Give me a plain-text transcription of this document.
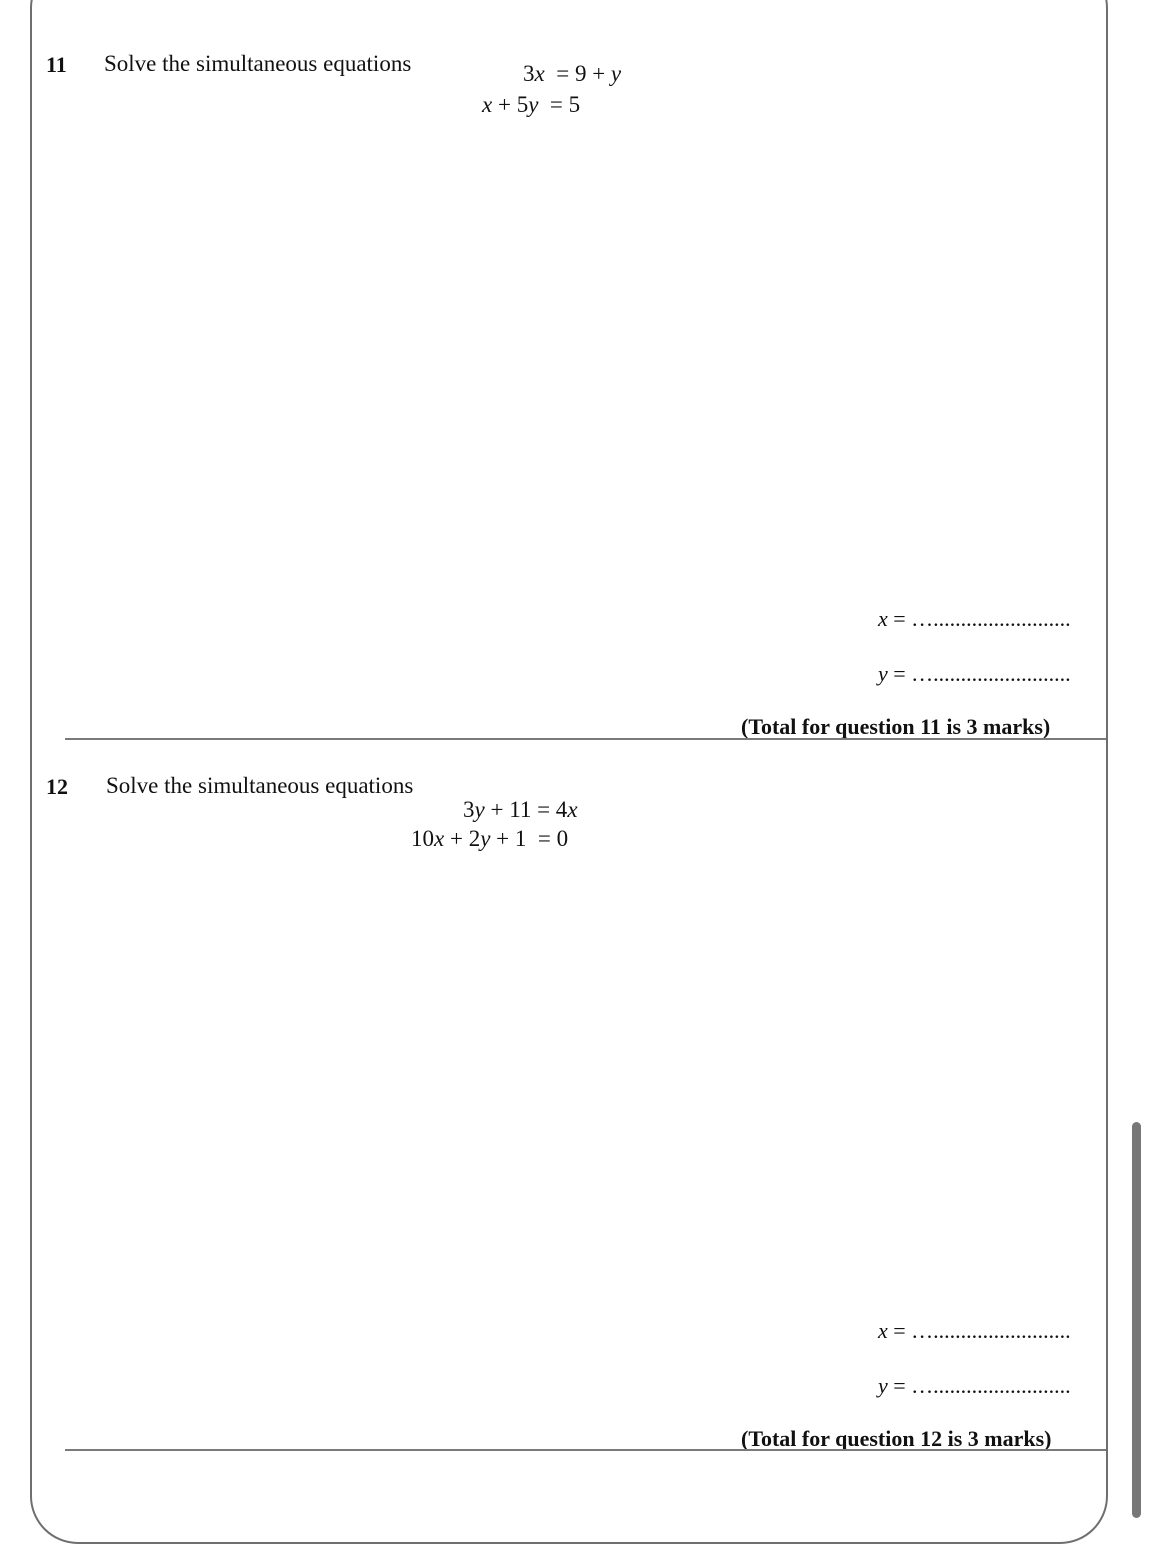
11 Solve the simultaneous equations	3x = 9 + y
x + 5y  = 5
x = ….........................
y = ….........................
(Total for question 11 is 3 marks)
12 Solve the simultaneous equations
3y + 11 = 4x
10x + 2y + 1  = 0
x = ….........................
y = ….........................
(Total for question 12 is 3 marks)
